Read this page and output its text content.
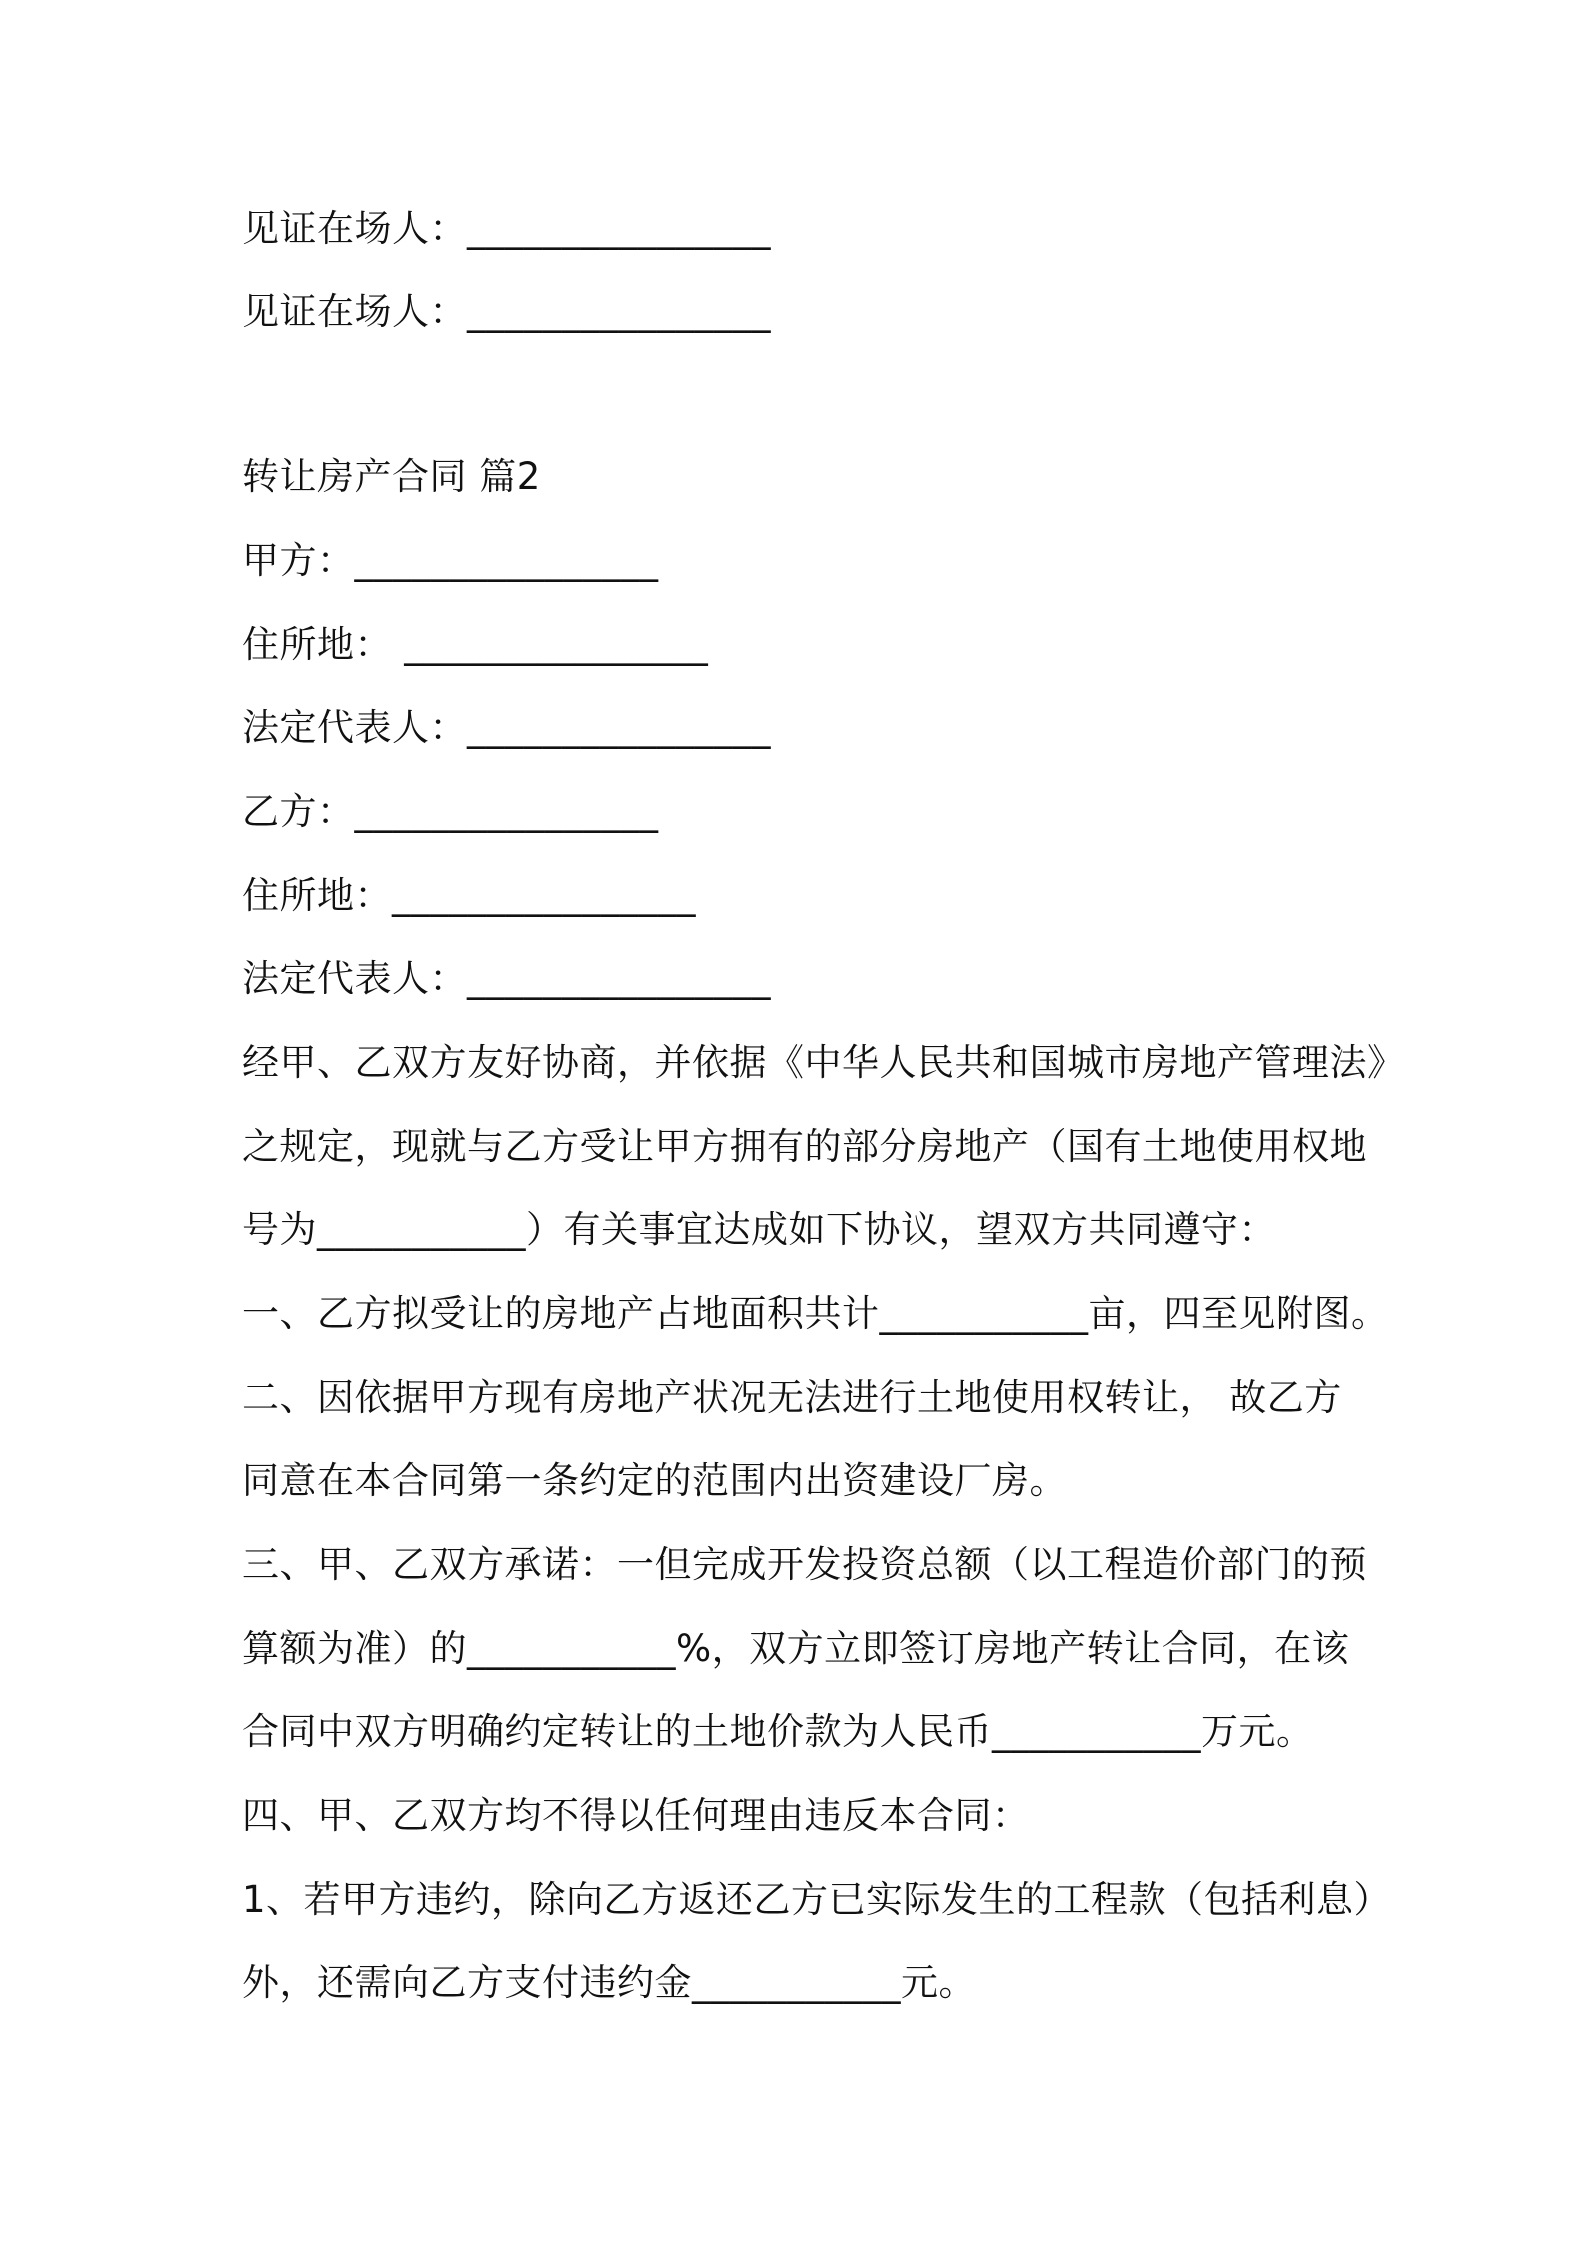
见证在场人：________________
见证在场人：________________
转让房产合同 篇2
甲方：________________
住所地： ________________
法定代表人：________________
乙方：________________
住所地：________________
法定代表人：________________
经甲、乙双方友好协商，并依据《中华人民共和国城市房地产管理法》
之规定，现就与乙方受让甲方拥有的部分房地产（国有土地使用权地
号为___________）有关事宜达成如下协议，望双方共同遵守：
一、乙方拟受让的房地产占地面积共计___________亩，四至见附图。
二、因依据甲方现有房地产状况无法进行土地使用权转让， 故乙方
同意在本合同第一条约定的范围内出资建设厂房。
三、甲、乙双方承诺：一但完成开发投资总额（以工程造价部门的预
算额为准）的___________%，双方立即签订房地产转让合同，在该
合同中双方明确约定转让的土地价款为人民币___________万元。
四、甲、乙双方均不得以任何理由违反本合同：
1、若甲方违约，除向乙方返还乙方已实际发生的工程款（包括利息）
外，还需向乙方支付违约金___________元。
